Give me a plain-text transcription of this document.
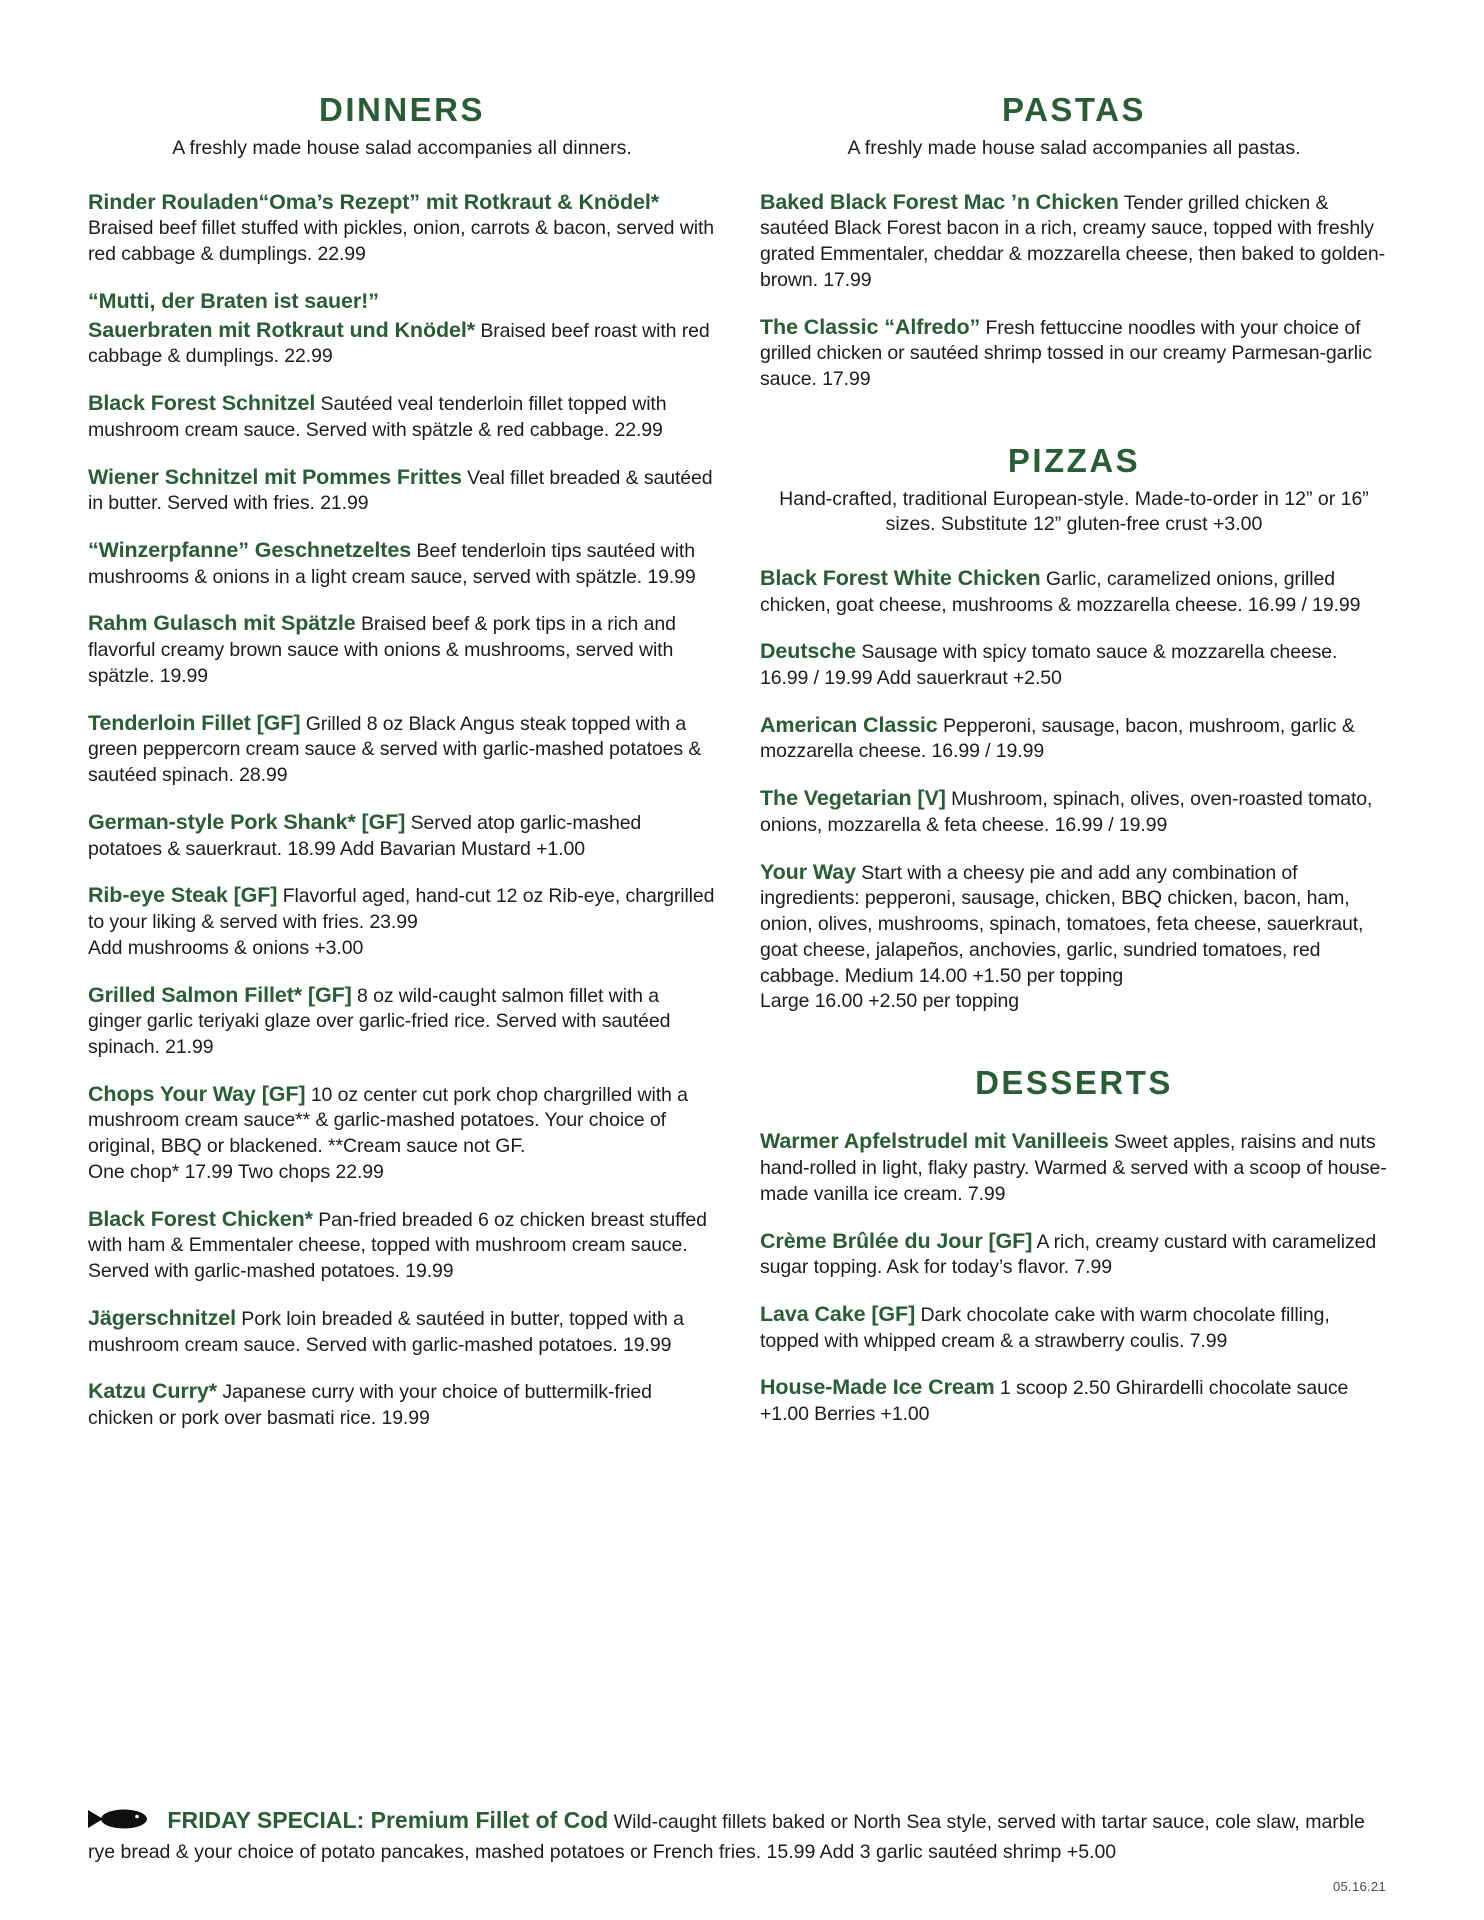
DINNERS

A freshly made house salad accompanies all dinners.

Rinder Rouladen“Oma’s Rezept” mit Rotkraut & Knödel* Braised beef fillet stuffed with pickles, onion, carrots & bacon, served with red cabbage & dumplings. 22.99

“Mutti, der Braten ist sauer!”
Sauerbraten mit Rotkraut und Knödel* Braised beef roast with red cabbage & dumplings. 22.99

Black Forest Schnitzel Sautéed veal tenderloin fillet topped with mushroom cream sauce. Served with spätzle & red cabbage. 22.99

Wiener Schnitzel mit Pommes Frittes Veal fillet breaded & sautéed in butter. Served with fries. 21.99

“Winzerpfanne” Geschnetzeltes Beef tenderloin tips sautéed with mushrooms & onions in a light cream sauce, served with spätzle. 19.99

Rahm Gulasch mit Spätzle Braised beef & pork tips in a rich and flavorful creamy brown sauce with onions & mushrooms, served with spätzle. 19.99

Tenderloin Fillet [GF] Grilled 8 oz Black Angus steak topped with a green peppercorn cream sauce & served with garlic-mashed potatoes & sautéed spinach. 28.99

German-style Pork Shank* [GF] Served atop garlic-mashed potatoes & sauerkraut. 18.99 Add Bavarian Mustard +1.00

Rib-eye Steak [GF] Flavorful aged, hand-cut 12 oz Rib-eye, chargrilled to your liking & served with fries. 23.99
Add mushrooms & onions +3.00

Grilled Salmon Fillet* [GF] 8 oz wild-caught salmon fillet with a ginger garlic teriyaki glaze over garlic-fried rice. Served with sautéed spinach. 21.99

Chops Your Way [GF] 10 oz center cut pork chop chargrilled with a mushroom cream sauce** & garlic-mashed potatoes. Your choice of original, BBQ or blackened. **Cream sauce not GF.
One chop* 17.99 Two chops 22.99

Black Forest Chicken* Pan-fried breaded 6 oz chicken breast stuffed with ham & Emmentaler cheese, topped with mushroom cream sauce. Served with garlic-mashed potatoes. 19.99

Jägerschnitzel Pork loin breaded & sautéed in butter, topped with a mushroom cream sauce. Served with garlic-mashed potatoes. 19.99

Katzu Curry* Japanese curry with your choice of buttermilk-fried chicken or pork over basmati rice. 19.99

PASTAS

A freshly made house salad accompanies all pastas.

Baked Black Forest Mac ’n Chicken Tender grilled chicken & sautéed Black Forest bacon in a rich, creamy sauce, topped with freshly grated Emmentaler, cheddar & mozzarella cheese, then baked to golden-brown. 17.99

The Classic “Alfredo” Fresh fettuccine noodles with your choice of grilled chicken or sautéed shrimp tossed in our creamy Parmesan-garlic sauce. 17.99

PIZZAS

Hand-crafted, traditional European-style. Made-to-order in 12” or 16” sizes. Substitute 12” gluten-free crust +3.00

Black Forest White Chicken Garlic, caramelized onions, grilled chicken, goat cheese, mushrooms & mozzarella cheese. 16.99 / 19.99

Deutsche Sausage with spicy tomato sauce & mozzarella cheese. 16.99 / 19.99 Add sauerkraut +2.50

American Classic Pepperoni, sausage, bacon, mushroom, garlic & mozzarella cheese. 16.99 / 19.99

The Vegetarian [V] Mushroom, spinach, olives, oven-roasted tomato, onions, mozzarella & feta cheese. 16.99 / 19.99

Your Way Start with a cheesy pie and add any combination of ingredients: pepperoni, sausage, chicken, BBQ chicken, bacon, ham, onion, olives, mushrooms, spinach, tomatoes, feta cheese, sauerkraut, goat cheese, jalapeños, anchovies, garlic, sundried tomatoes, red cabbage. Medium 14.00 +1.50 per topping
Large 16.00 +2.50 per topping

DESSERTS

Warmer Apfelstrudel mit Vanilleeis Sweet apples, raisins and nuts hand-rolled in light, flaky pastry. Warmed & served with a scoop of house-made vanilla ice cream. 7.99

Crème Brûlée du Jour [GF] A rich, creamy custard with caramelized sugar topping. Ask for today’s flavor. 7.99

Lava Cake [GF] Dark chocolate cake with warm chocolate filling, topped with whipped cream & a strawberry coulis. 7.99

House-Made Ice Cream 1 scoop 2.50 Ghirardelli chocolate sauce +1.00 Berries +1.00

FRIDAY SPECIAL: Premium Fillet of Cod Wild-caught fillets baked or North Sea style, served with tartar sauce, cole slaw, marble rye bread & your choice of potato pancakes, mashed potatoes or French fries. 15.99 Add 3 garlic sautéed shrimp +5.00

05.16.21
